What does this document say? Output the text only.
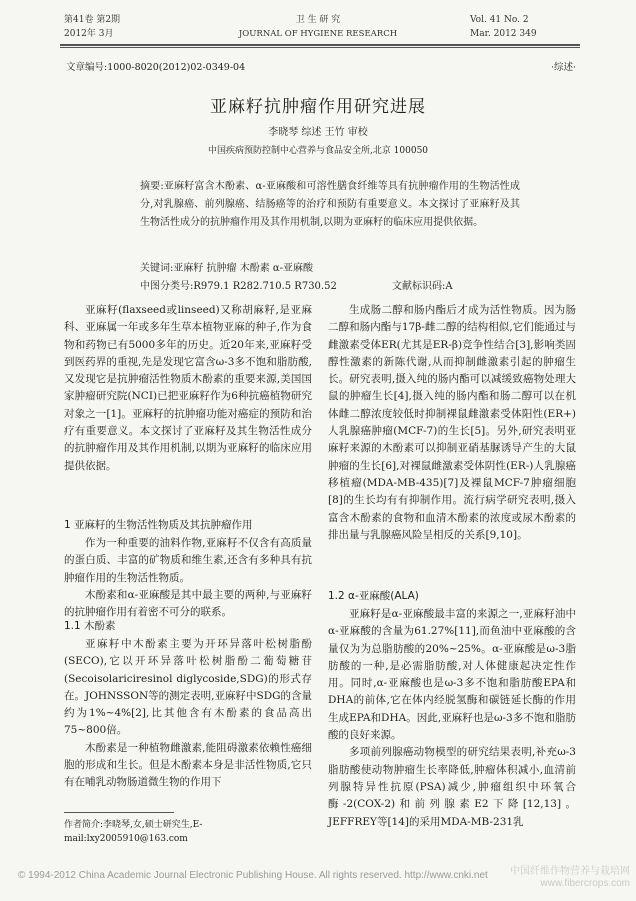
第41卷 第2期
2012年 3月
卫 生 研 究
JOURNAL OF HYGIENE RESEARCH
Vol. 41 No. 2
Mar. 2012 349
文章编号:1000-8020(2012)02-0349-04	·综述·
亚麻籽抗肿瘤作用研究进展
李晓琴 综述 王竹 审校
中国疾病预防控制中心营养与食品安全所,北京 100050
摘要:亚麻籽富含木酚素、α-亚麻酸和可溶性膳食纤维等具有抗肿瘤作用的生物活性成分,对乳腺癌、前列腺癌、结肠癌等的治疗和预防有重要意义。本文探讨了亚麻籽及其生物活性成分的抗肿瘤作用及其作用机制,以期为亚麻籽的临床应用提供依据。
关键词:亚麻籽 抗肿瘤 木酚素 α-亚麻酸
中图分类号:R979.1 R282.710.5 R730.52	文献标识码:A

亚麻籽(flaxseed或linseed)又称胡麻籽,是亚麻科、亚麻属一年或多年生草本植物亚麻的种子,作为食物和药物已有5000多年的历史。近20年来,亚麻籽受到医药界的重视,先是发现它富含ω-3多不饱和脂肪酸,又发现它是抗肿瘤活性物质木酚素的重要来源,美国国家肿瘤研究院(NCI)已把亚麻籽作为6种抗癌植物研究对象之一[1]。亚麻籽的抗肿瘤功能对癌症的预防和治疗有重要意义。本文探讨了亚麻籽及其生物活性成分的抗肿瘤作用及其作用机制,以期为亚麻籽的临床应用提供依据。

1 亚麻籽的生物活性物质及其抗肿瘤作用

作为一种重要的油料作物,亚麻籽不仅含有高质量的蛋白质、丰富的矿物质和维生素,还含有多种具有抗肿瘤作用的生物活性物质。

木酚素和α-亚麻酸是其中最主要的两种,与亚麻籽的抗肿瘤作用有着密不可分的联系。

1.1 木酚素

亚麻籽中木酚素主要为开环异落叶松树脂酚(SECO),它以开环异落叶松树脂酚二葡萄糖苷(Secoisolariciresinol diglycoside,SDG)的形式存在。JOHNSSON等的测定表明,亚麻籽中SDG的含量约为1%~4%[2],比其他含有木酚素的食品高出75~800倍。

木酚素是一种植物雌激素,能阻碍激素依赖性癌细胞的形成和生长。但是木酚素本身是非活性物质,它只有在哺乳动物肠道微生物的作用下

作者简介:李晓琴,女,硕士研究生,E-mail:lxy2005910@163.com

生成肠二醇和肠内酯后才成为活性物质。因为肠二醇和肠内酯与17β-雌二醇的结构相似,它们能通过与雌激素受体ER(尤其是ER-β)竞争性结合[3],影响类固醇性激素的新陈代谢,从而抑制雌激素引起的肿瘤生长。研究表明,摄入纯的肠内酯可以减缓致癌物处理大鼠的肿瘤生长[4],摄入纯的肠内酯和肠二醇可以在机体雌二醇浓度较低时抑制裸鼠雌激素受体阳性(ER+)人乳腺癌肿瘤(MCF-7)的生长[5]。另外,研究表明亚麻籽来源的木酚素可以抑制亚硝基脲诱导产生的大鼠肿瘤的生长[6],对裸鼠雌激素受体阴性(ER-)人乳腺癌移植瘤(MDA-MB-435)[7]及裸鼠MCF-7肿瘤细胞[8]的生长均有有抑制作用。流行病学研究表明,摄入富含木酚素的食物和血清木酚素的浓度或尿木酚素的排出量与乳腺癌风险呈相反的关系[9,10]。

1.2 α-亚麻酸(ALA)

亚麻籽是α-亚麻酸最丰富的来源之一,亚麻籽油中α-亚麻酸的含量为61.27%[11],而鱼油中亚麻酸的含量仅为为总脂肪酸的20%~25%。α-亚麻酸是ω-3脂肪酸的一种,是必需脂肪酸,对人体健康起决定性作用。同时,α-亚麻酸也是ω-3多不饱和脂肪酸EPA和DHA的前体,它在体内经脱氢酶和碳链延长酶的作用生成EPA和DHA。因此,亚麻籽也是ω-3多不饱和脂肪酸的良好来源。

多项前列腺癌动物模型的研究结果表明,补充ω-3脂肪酸使动物肿瘤生长率降低,肿瘤体积减小,血清前列腺特异性抗原(PSA)减少,肿瘤组织中环氧合酶-2(COX-2)和前列腺素E2下降[12,13]。JEFFREY等[14]的采用MDA-MB-231乳

© 1994-2012 China Academic Journal Electronic Publishing House. All rights reserved. http://www.cnki.net	中国纤维作物营养与栽培网
www.fibercrops.com
